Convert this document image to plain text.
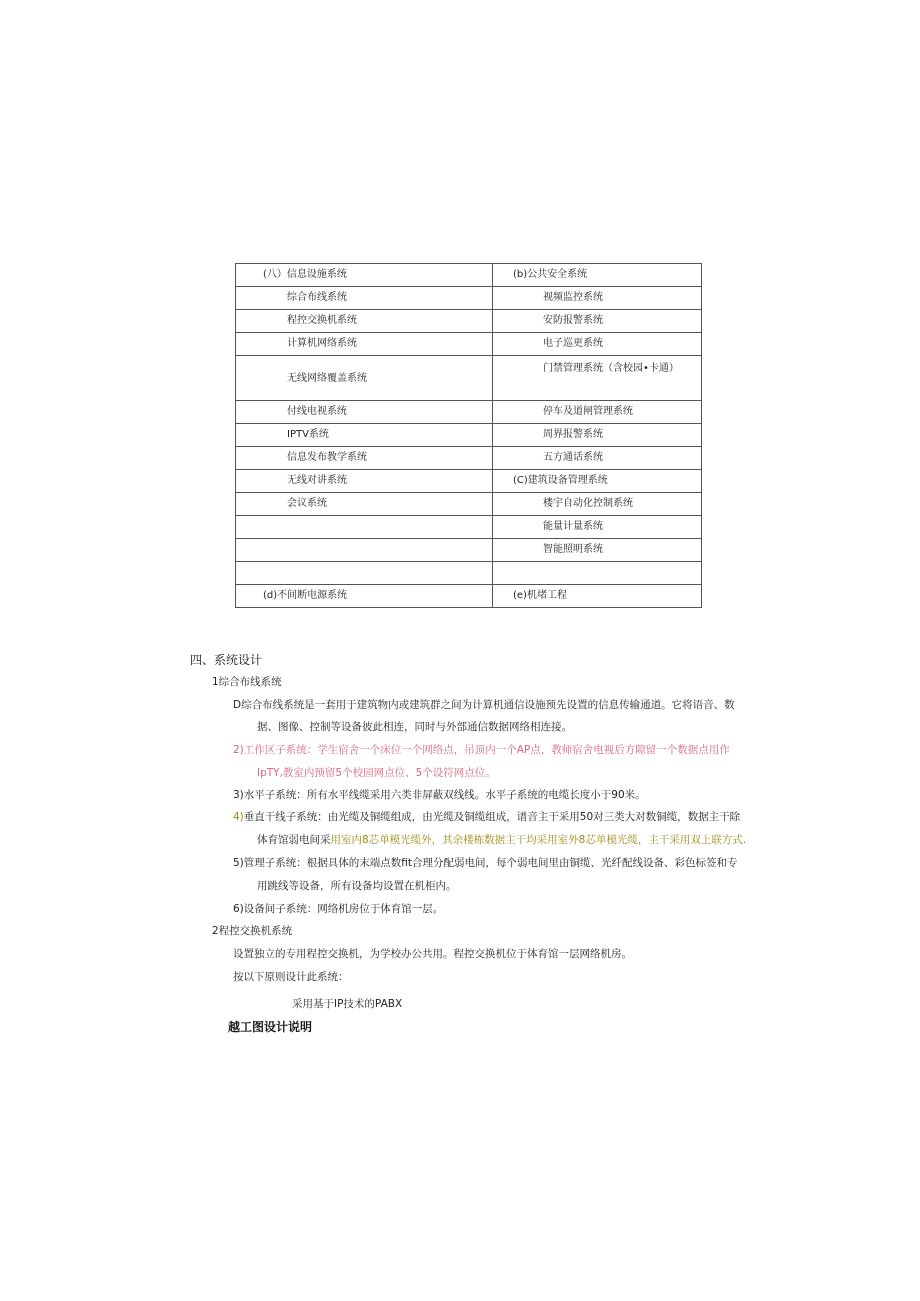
(八）信息设施系统	(b)公共安全系统

综合布线系统	视频监控系统

程控交换机系统	安防报警系统

计算机网络系统	电子巡更系统

无线网络覆盖系统	门禁管理系统（含校园•卡通）

付线电视系统	停车及道闸管理系统

IPTV系统	周界报警系统

信息发布教学系统	五方通话系统

无线对讲系统	(C)建筑设备管理系统

会议系统	楼宇自动化控制系统

	能量计量系统

	智能照明系统

(d)不间断电源系统	(e)机堵工程
四、系统设计
1综合布线系统
D综合布线系统是一套用于建筑物内或建筑群之间为计算机通信设施预先设置的信息传输通道。它将语音、数
据、图像、控制等设备彼此相连，同时与外部通信数据网络相连接。
2)工作区子系统：学生宿舍一个床位一个网络点，吊顶内一个AP点，教师宿舍电视后方隙留一个数据点用作
IpTY,教室内预留5个校园网点位、5个设符网点位。
3)水平子系统：所有水平线缆采用六类非屏蔽双线线。水平子系统的电缆长度小于90米。
4)垂直干线子系统：由光缆及铜缆组成，由光缆及铜缆组成，谱音主干采用50对三类大对数铜缆，数据主干除
体育馆弱电间采用室内8芯单模光缆外，其余楼栋数据主干均采用室外8芯单模光缆，主干采用双上联方式.
5)管理子系统：根据具体的末端点数fit合理分配弱电间，每个弱电间里由铜缆、光纤配线设备、彩色标签和专
用跳线等设备，所有设备均设置在机柜内。
6)设备间子系统：网络机房位于体育馆一层。
2程控交换机系统
设置独立的专用程控交换机，为学校办公共用。程控交换机位于体育馆一层网络机房。
按以下原则设计此系统：
采用基于IP技术的PABX
越工图设计说明
